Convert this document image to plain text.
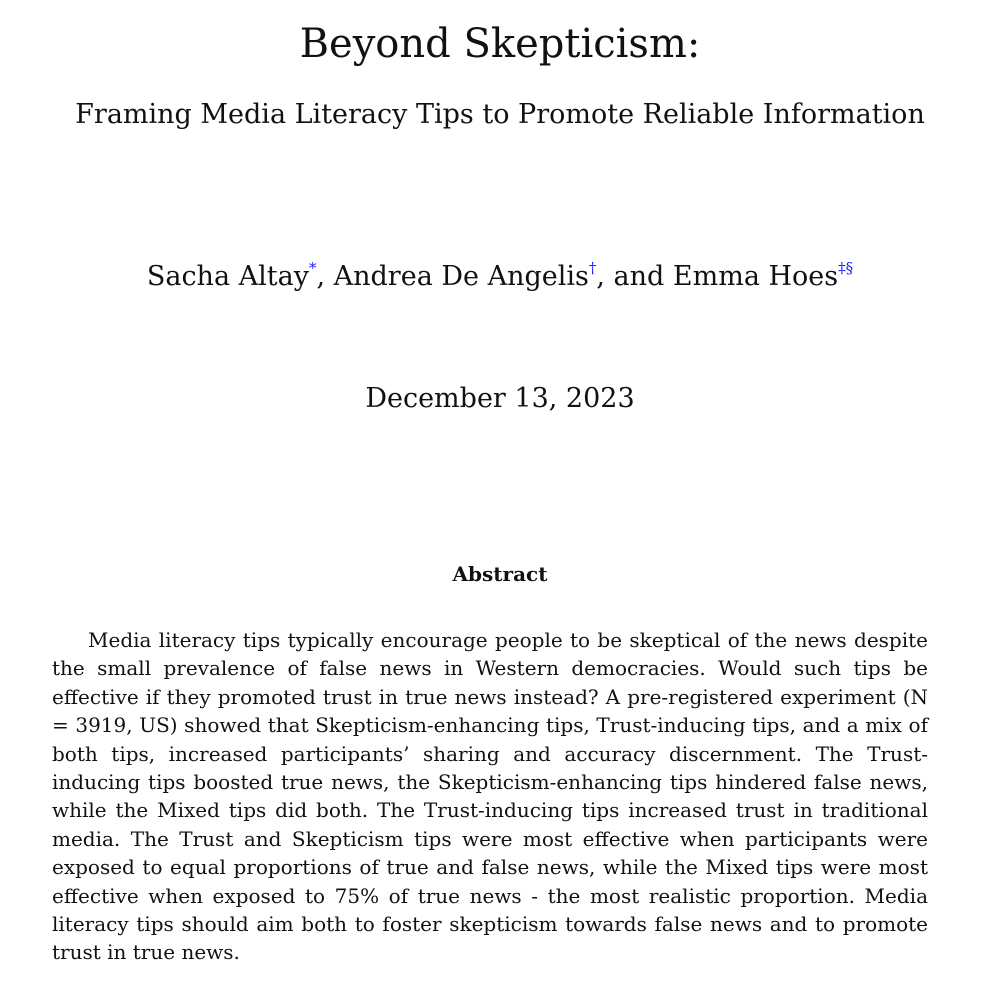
Beyond Skepticism:
Framing Media Literacy Tips to Promote Reliable Information
Sacha Altay*, Andrea De Angelis†, and Emma Hoes‡§
December 13, 2023
Abstract

Media literacy tips typically encourage people to be skeptical of the news despite the small prevalence of false news in Western democracies. Would such tips be effective if they promoted trust in true news instead? A pre-registered experiment (N = 3919, US) showed that Skepticism-enhancing tips, Trust-inducing tips, and a mix of both tips, increased participants’ sharing and accuracy discernment. The Trust-inducing tips boosted true news, the Skepticism-enhancing tips hindered false news, while the Mixed tips did both. The Trust-inducing tips increased trust in traditional media. The Trust and Skepticism tips were most effective when participants were exposed to equal proportions of true and false news, while the Mixed tips were most effective when exposed to 75% of true news - the most realistic proportion. Media literacy tips should aim both to foster skepticism towards false news and to promote trust in true news.
